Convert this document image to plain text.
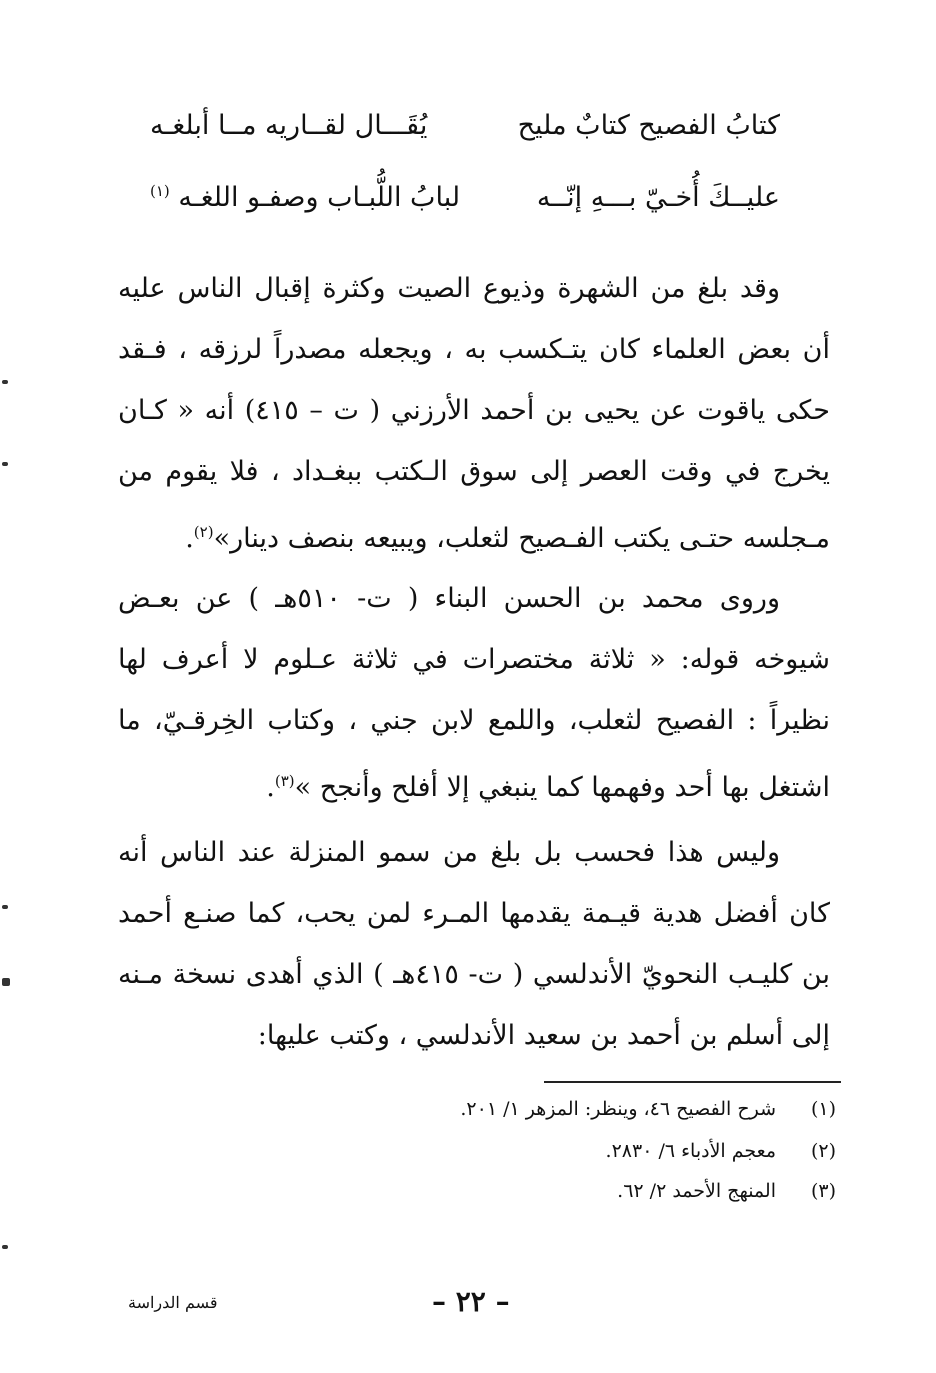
كتابُ الفصيح كتابٌ مليح
يُقَـــال لقــاريه مــا أبلغـه
عليــكَ أُخـيّ بـــهِ إنّــه
لبابُ اللُّبـاب وصفـو اللغـه $^{(١)}$

وقد بلغ من الشهرة وذيوع الصيت وكثرة إقبال الناس عليه أن بعض العلماء كان يتـكسب به ، ويجعله مصدراً لرزقه ، فـقد حكى ياقوت عن يحيى بن أحمد الأرزني ( ت – ٤١٥) أنه « كـان يخرج في وقت العصر إلى سوق الـكتب ببغـداد ، فلا يقوم من مـجلسه حتـى يكتب الفـصيح لثعلب، ويبيعه بنصف دينار»$^{(٢)}$.

وروى محمد بن الحسن البناء ( ت- ٥١٠هـ ) عن بعـض شيوخه قوله: « ثلاثة مختصرات في ثلاثة عـلوم لا أعرف لها نظيراً : الفصيح لثعلب، واللمع لابن جني ، وكتاب الخِرقـيّ، ما اشتغل بها أحد وفهمها كما ينبغي إلا أفلح وأنجح »$^{(٣)}$.

وليس هذا فحسب بل بلغ من سمو المنزلة عند الناس أنه كان أفضل هدية قيـمة يقدمها المـرء لمن يحب، كما صنـع أحمد بن كليـب النحويّ الأندلسي ( ت- ٤١٥هـ ) الذي أهدى نسخة مـنه إلى أسلم بن أحمد بن سعيد الأندلسي ، وكتب عليها:

(١)شرح الفصيح ٤٦، وينظر: المزهر ١/ ٢٠١.
(٢)معجم الأدباء ٦/ ٢٨٣٠.
(٣)المنهج الأحمد ٢/ ٦٢.
قسم الدراسة	– ٢٢ –
